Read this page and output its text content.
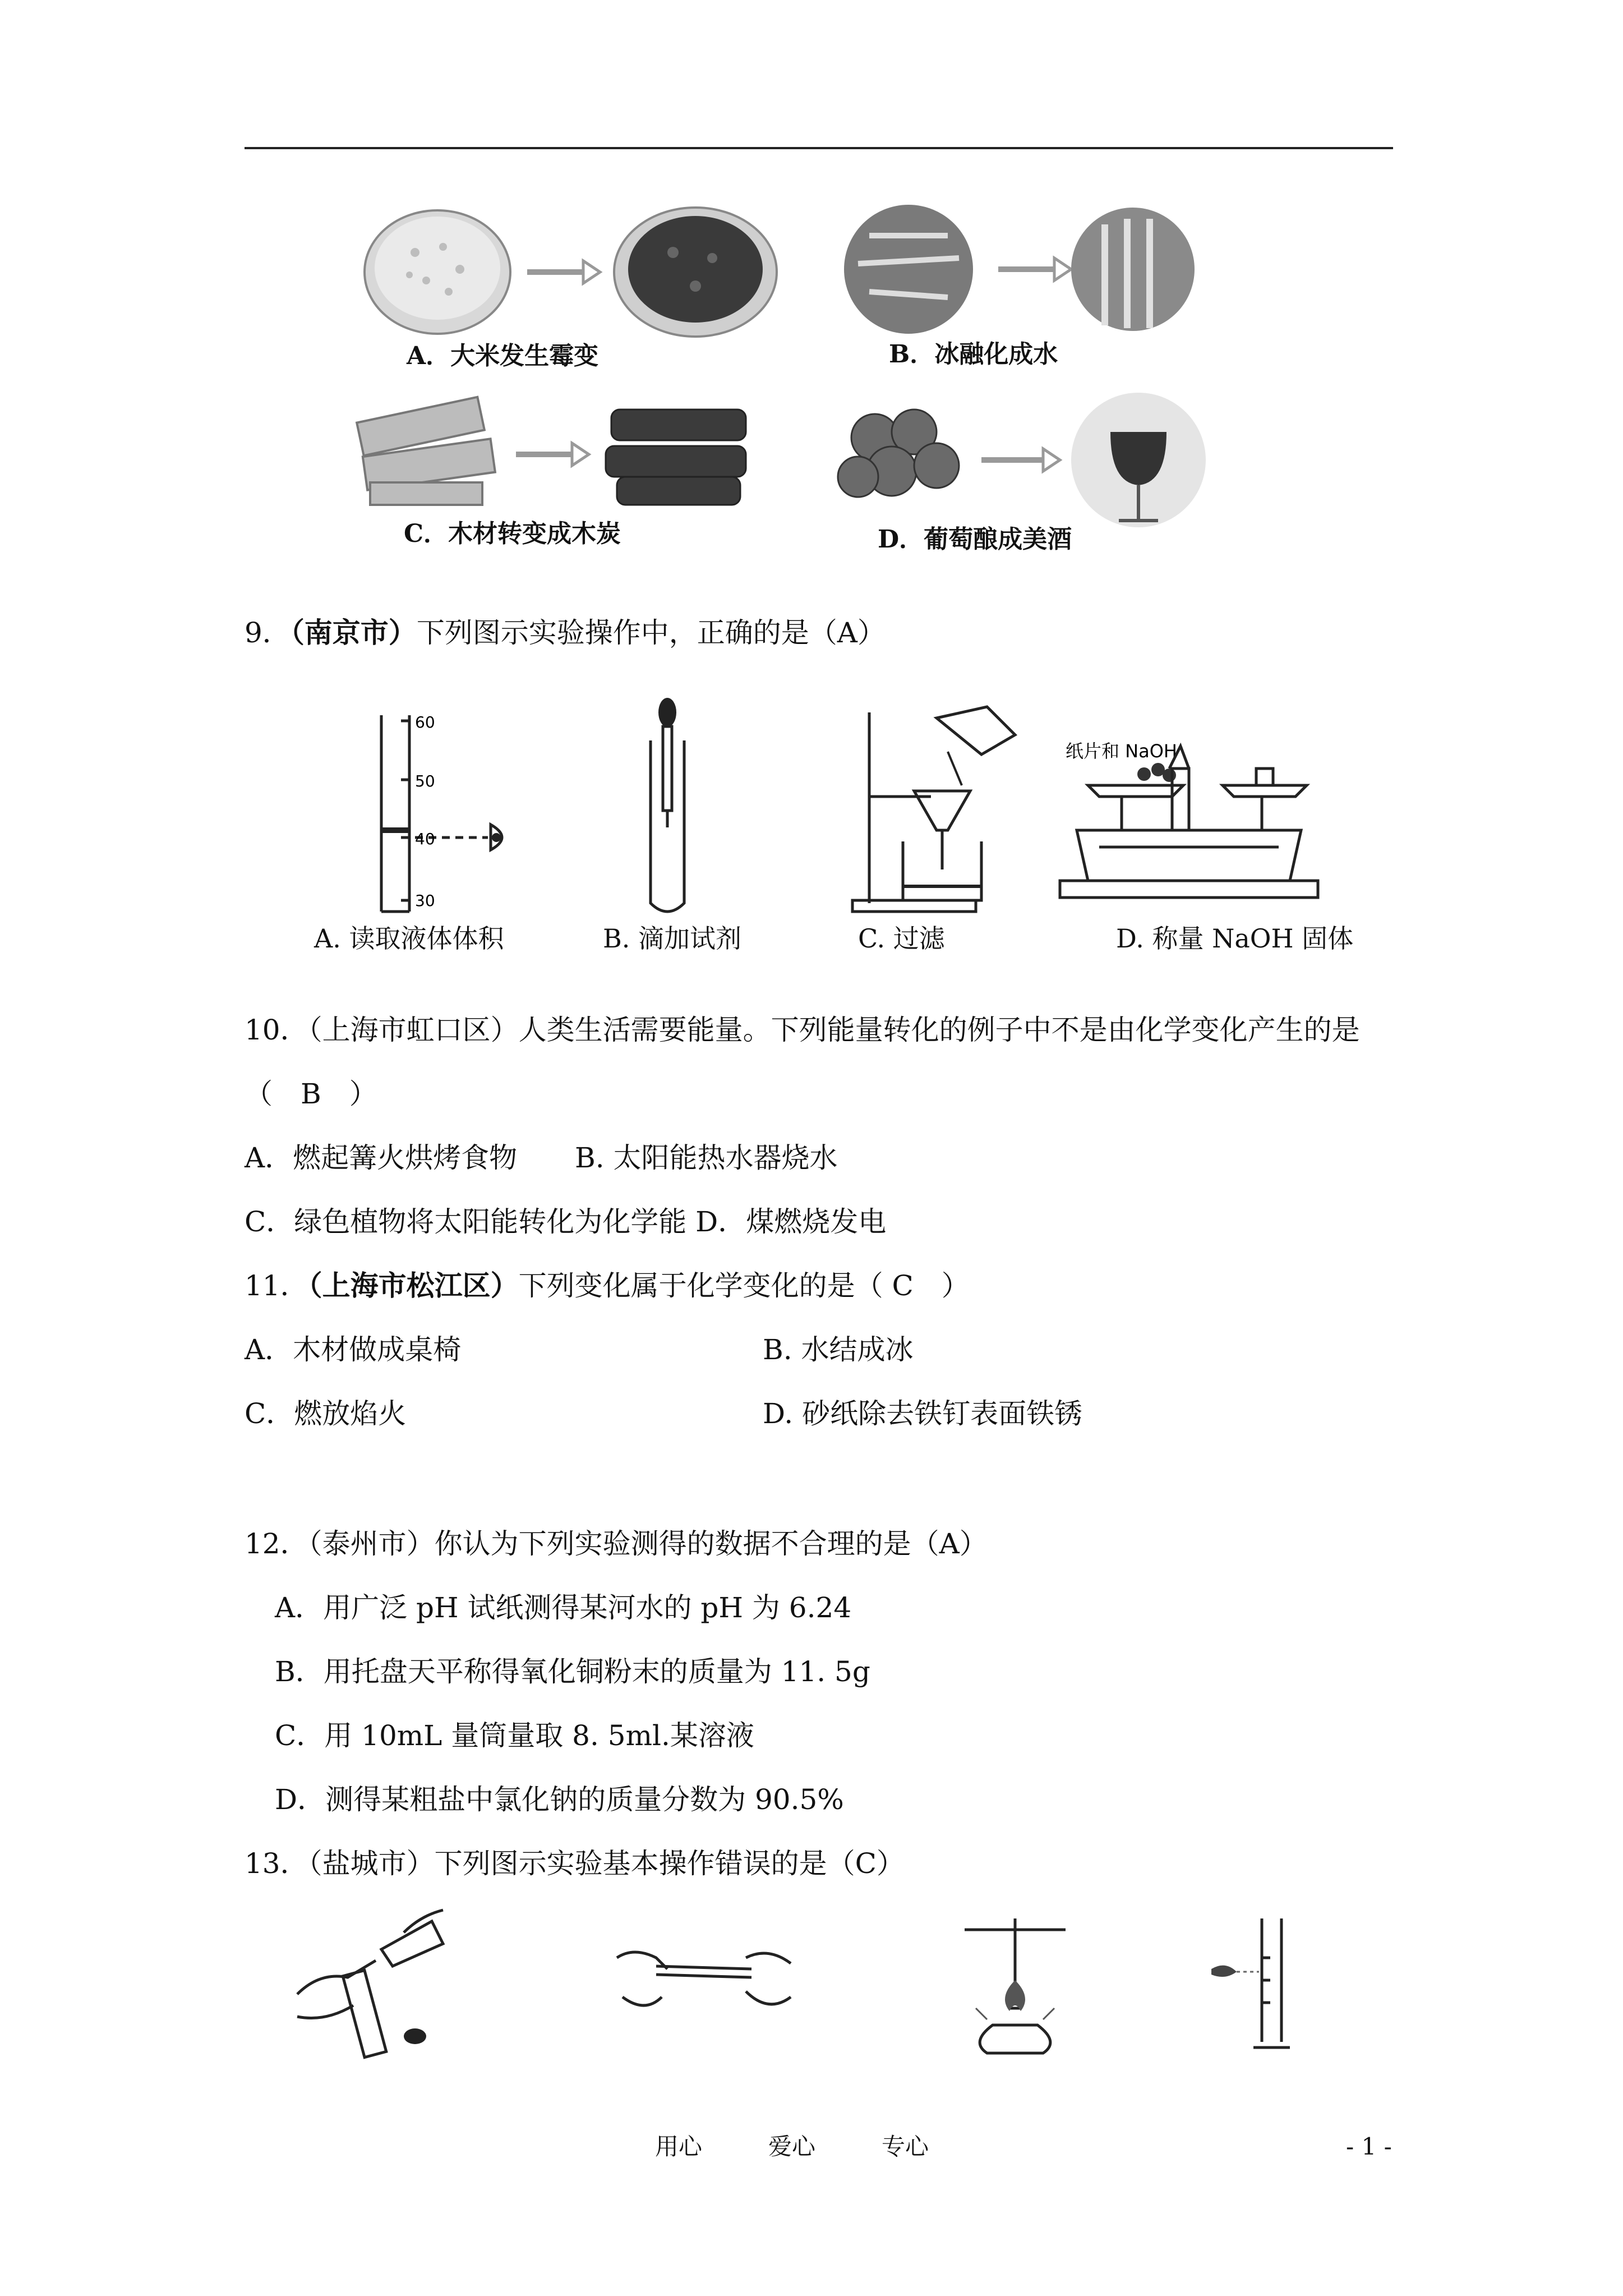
A．大米发生霉变	B．冰融化成水
C．木材转变成木炭	D．葡萄酿成美酒
9．（南京市）下列图示实验操作中，正确的是（A）
60
50
40
30
纸片和 NaOH
A. 读取液体体积	B. 滴加试剂	C. 过滤	D. 称量 NaOH 固体
10．（上海市虹口区）人类生活需要能量。下列能量转化的例子中不是由化学变化产生的是
（　B　）
A．燃起篝火烘烤食物 B. 太阳能热水器烧水
C．绿色植物将太阳能转化为化学能 D．煤燃烧发电
11．（上海市松江区）下列变化属于化学变化的是（ C　）
A．木材做成桌椅	B. 水结成冰
C．燃放焰火	D. 砂纸除去铁钉表面铁锈
12．（泰州市）你认为下列实验测得的数据不合理的是（A）
A．用广泛 pH 试纸测得某河水的 pH 为 6.24
B．用托盘天平称得氧化铜粉末的质量为 11. 5g
C．用 10mL 量筒量取 8. 5ml.某溶液
D．测得某粗盐中氯化钠的质量分数为 90.5%
13．（盐城市）下列图示实验基本操作错误的是（C）
用心	爱心	专心	- 1 -
